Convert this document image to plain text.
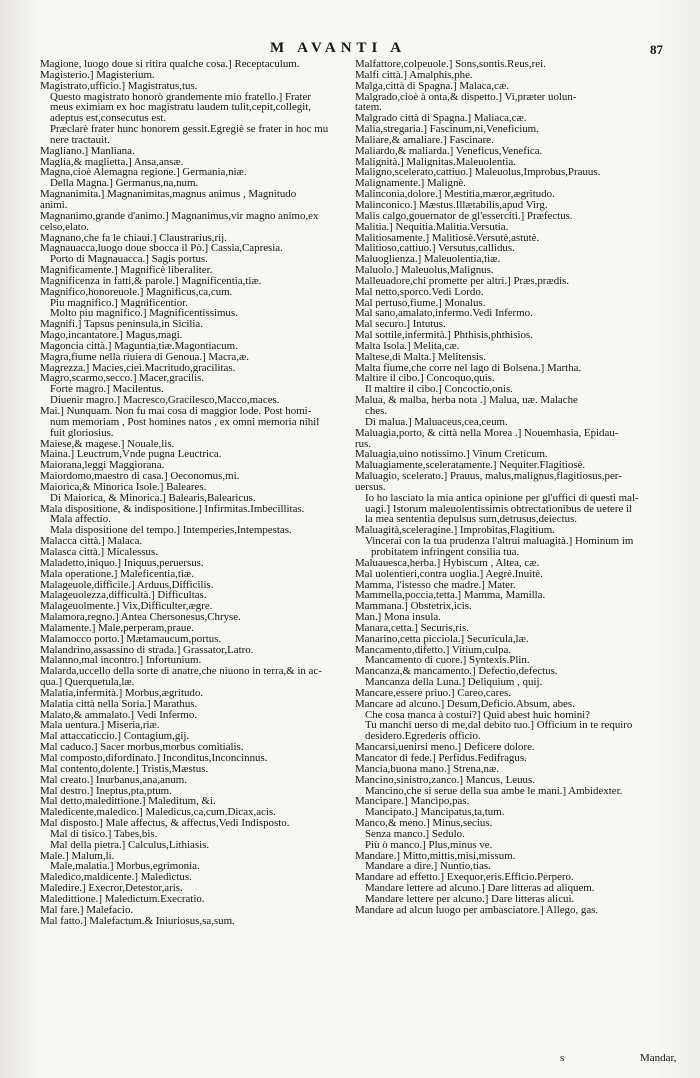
M AVANTI A	87
Magione, luogo doue si ritira qualche cosa.] Receptaculum.
Magisterio.] Magisterium.
Magistrato,ufficio.] Magistratus,tus.
Questo magistrato honorò grandemente mio fratello.] Frater
meus eximiam ex hoc magistratu laudem tulit,cepit,collegit,
adeptus est,consecutus est.
Præclarè frater hunc honorem gessit.Egregiè se frater in hoc mu
nere tractauit.
Magliano.] Manliana.
Maglia,& maglietta.] Ansa,ansæ.
Magna,cioè Alemagna regione.] Germania,niæ.
Della Magna.] Germanus,na,num.
Magnanimita.] Magnanimitas,magnus animus , Magnitudo
animi.
Magnanimo,grande d'animo.] Magnanimus,vir magno animo,ex
celso,elato.
Magnano,che fa le chiaui.] Claustrarius,rij.
Magnauacca,luogo doue sbocca il Pò.] Cassia,Capresia.
Porto di Magnauacca.] Sagis portus.
Magnificamente.] Magnificè liberaliter.
Magnificenza in fatti,& parole.] Magnificentia,tiæ.
Magnifico,honoreuole.] Magnificus,ca,cum.
Piu magnifico.] Magnificentior.
Molto piu magnifico.] Magnificentissimus.
Magnifi.] Tapsus peninsula,in Sicilia.
Mago,incantatore.] Magus,magi.
Magoncia città.] Maguntia,tiæ.Magontiacum.
Magra,fiume nella riuiera di Genoua.] Macra,æ.
Magrezza.] Macies,ciei.Macritudo,gracilitas.
Magro,scarmo,secco.] Macer,gracilis.
Forte magro.] Macilentus.
Diuenir magro.] Macresco,Gracilesco,Macco,maces.
Mai.] Nunquam. Non fu mai cosa di maggior lode. Post homi-
num memoriam , Post homines natos , ex omni memoria nihil
fuit gloriosius.
Maiese,& magese.] Nouale,lis.
Maina.] Leuctrum,Vnde pugna Leuctrica.
Maiorana,leggi Maggiorana.
Maiordomo,maestro di casa.] Oeconomus,mi.
Maiorica,& Minorica Isole.] Baleares.
Di Maiorica, & Minorica.] Balearis,Balearicus.
Mala dispositione, & indispositione.] Infirmitas.Imbecillitas.
Mala affectio.
Mala dispositione del tempo.] Intemperies,Intempestas.
Malacca città.] Malaca.
Malasca città.] Micalessus.
Maladetto,iniquo.] Iniquus,peruersus.
Mala operatione.] Maleficentia,tiæ.
Malageuole,difficile.] Arduus,Difficilis.
Malageuolezza,difficultà.] Difficultas.
Malageuolmente.] Vix,Difficulter,ægre.
Malamora,regno.] Antea Chersonesus,Chryse.
Malamente.] Male,perperam,praue.
Malamocco porto.] Mætamaucum,portus.
Malandrino,assassino di strada.] Grassator,Latro.
Malanno,mal incontro.] Infortunium.
Malarda,uccello della sorte di anatre,che niuono in terra,& in ac-
qua.] Querquetula,læ.
Malatia,infermità.] Morbus,ægritudo.
Malatia città nella Soria.] Marathus.
Malato,& ammalato.] Vedi Infermo.
Mala uentura.] Miseria,riæ.
Mal attaccaticcio.] Contagium,gij.
Mal caduco.] Sacer morbus,morbus comitialis.
Mal composto,difordinato.] Inconditus,Inconcinnus.
Mal contento,dolente.] Tristis,Mæstus.
Mal creato.] Inurbanus,ana,anum.
Mal destro.] Ineptus,pta,ptum.
Mal detto,maledittione.] Maleditum, &i.
Maledicente,maledico.] Maledicus,ca,cum.Dicax,acis.
Mal disposto.] Male affectus, & affectus,Vedi Indisposto.
Mal di tisico.] Tabes,bis.
Mal della pietra.] Calculus,Lithiasis.
Male.] Malum,li.
Male,malatia.] Morbus,egrimonia.
Maledico,maldicente.] Maledictus.
Maledire.] Execror,Detestor,aris.
Maledittione.] Maledictum.Execratio.
Mal fare.] Malefacio.
Mal fatto.] Malefactum.& Iniuriosus,sa,sum.
Malfattore,colpeuole.] Sons,sontis.Reus,rei.
Malfi città.] Amalphis,phe.
Malga,città di Spagna.] Malaca,cæ.
Malgrado,cioè à onta,& dispetto.] Vi,præter uolun-
tatem.
Malgrado città di Spagna.] Maliaca,cæ.
Malia,stregaria.] Fascinum,ni,Veneficium.
Maliare,& amaliare.] Fascinare.
Maliardo,& maliarda.] Veneficus,Venefica.
Malignità.] Malignitas.Maleuolentia.
Maligno,scelerato,cattiuo.] Maleuolus,Improbus,Prauus.
Malignamente.] Malignè.
Malinconia,dolore.] Mestitia,mæror,ægritudo.
Malinconico.] Mæstus.Illætabilis,apud Virg.
Malis calgo,gouernator de gl'esserciti.] Præfectus.
Malitia.] Nequitia.Malitia.Versutia.
Malitiosamente.] Malitiosè.Versutè,astutè.
Malitioso,cattiuo.] Versutus,callidus.
Maluoglienza.] Maleuolentia,tiæ.
Maluolo.] Maleuolus,Malignus.
Malleuadore,chi promette per altri.] Præs,prædis.
Mal netto,sporco.Vedi Lordo.
Mal pertuso,fiume.] Monalus.
Mal sano,amalato,infermo.Vedi Infermo.
Mal securo.] Intutus.
Mal sottile,infermità.] Phthisis,phthisios.
Malta Isola.] Melita,cæ.
Maltese,di Malta.] Melitensis.
Malta fiume,che corre nel lago di Bolsena.] Martha.
Maltire il cibo.] Concoquo,quis.
Il maltire il cibo.] Concoctio,onis.
Malua, & malba, herba nota .] Malua, uæ. Malache
ches.
Di malua.] Maluaceus,cea,ceum.
Maluagia,porto, & città nella Morea .] Nouemhasia, Epidau-
rus.
Maluagia,uino notissimo.] Vinum Creticum.
Maluagiamente,sceleratamente.] Nequiter.Flagitiosè.
Maluagio, scelerato.] Prauus, malus,malignus,flagitiosus,per-
uersus.
Io ho lasciato la mia antica opinione per gl'uffici di questi mal-
uagi.] Istorum maleuolentissimis obtrectationibus de uetere il
la mea sententia depulsus sum,detrusus,deiectus.
Maluagità,sceleragine.] Improbitas,Flagitium.
Vincerai con la tua prudenza l'altrui maluagità.] Hominum im
probitatem infringent consilia tua.
Maluauesca,herba.] Hybiscum , Altea, cæ.
Mal uolentieri,contra uoglia.] Aegrè.Inuitè.
Mamma, l'istesso che madre.] Mater.
Mammella,poccia,tetta.] Mamma, Mamilla.
Mammana.] Obstetrix,icis.
Man.] Mona insula.
Manara,cetta.] Securis,ris.
Manarino,cetta picciola.] Securicula,læ.
Mancamento,difetto.] Vitium,culpa.
Mancamento di cuore.] Syntexis.Plin.
Mancanza,& mancamento.] Defectio,defectus.
Mancanza della Luna.] Deliquium , quij.
Mancare,essere priuo.] Careo,cares.
Mancare ad alcuno.] Desum,Deficio.Absum, abes.
Che cosa manca à costui?] Quid abest huic homini?
Tu manchi uerso di me,dal debito tuo.] Officium in te requiro
desidero.Egrederis officio.
Mancarsi,uenirsi meno.] Deficere dolore.
Mancator di fede.] Perfidus.Fedifragus.
Mancia,buona mano.] Strena,næ.
Mancino,sinistro,zanco.] Mancus, Leuus.
Mancino,che si serue della sua ambe le mani.] Ambidexter.
Mancipare.] Mancipo,pas.
Mancipato.] Mancipatus,ta,tum.
Manco,& meno.] Minus,secius.
Senza manco.] Sedulo.
Più ò manco.] Plus,minus ve.
Mandare.] Mitto,mittis,misi,missum.
Mandare a dire.] Nuntio,tias.
Mandare ad effetto.] Exequor,eris.Efficio.Perpero.
Mandare lettere ad alcuno.] Dare litteras ad aliquem.
Mandare lettere per alcuno.] Dare litteras alicui.
Mandare ad alcun luogo per ambasciatore.] Allego, gas.
s	Mandar,
